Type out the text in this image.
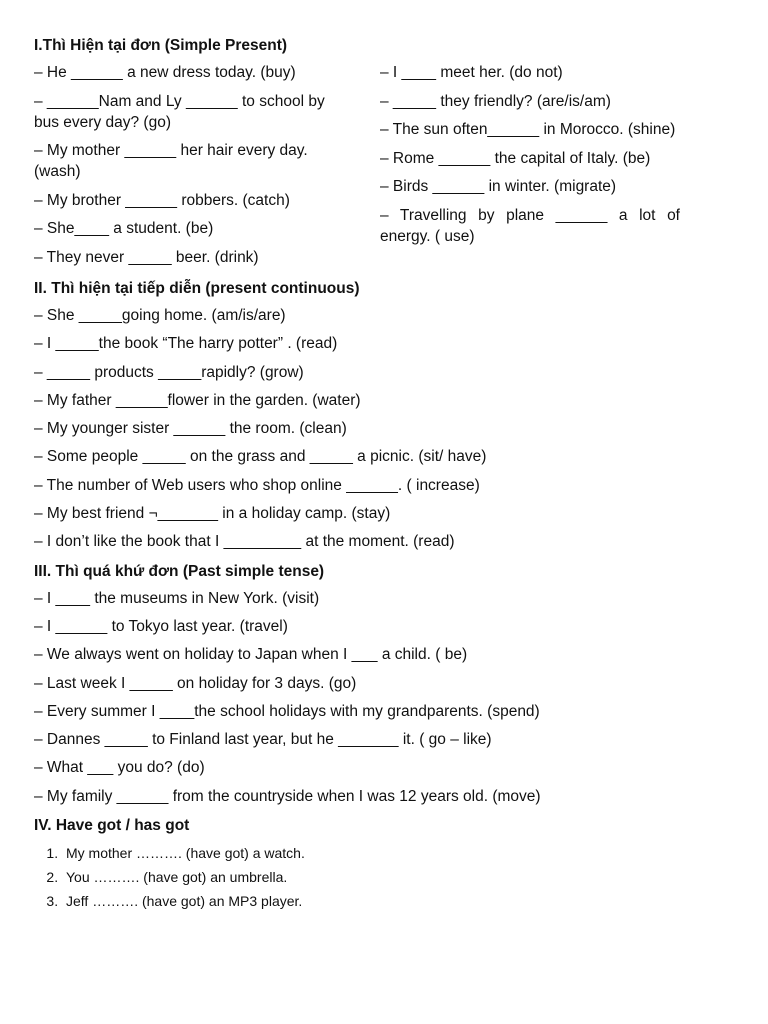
I.Thì Hiện tại đơn (Simple Present)
– He ______ a new dress today. (buy)
– ______Nam and Ly ______ to school by bus every day? (go)
– My mother ______ her hair every day. (wash)
– My brother ______ robbers. (catch)
– She____ a student. (be)
– They never _____ beer. (drink)
– I ____ meet her. (do not)
– _____ they friendly? (are/is/am)
– The sun often______ in Morocco. (shine)
– Rome ______ the capital of Italy. (be)
– Birds ______ in winter. (migrate)
– Travelling by plane ______ a lot of energy. ( use)
II. Thì hiện tại tiếp diễn (present continuous)
– She _____going home. (am/is/are)
– I _____the book “The harry potter” . (read)
– _____ products _____rapidly? (grow)
– My father ______flower in the garden. (water)
– My younger sister ______ the room. (clean)
– Some people _____ on the grass and _____ a picnic. (sit/ have)
– The number of Web users who shop online ______. ( increase)
– My best friend ¬_______ in a holiday camp. (stay)
– I don’t like the book that I _________ at the moment. (read)
III. Thì quá khứ đơn (Past simple tense)
– I ____ the museums in New York. (visit)
– I ______ to Tokyo last year. (travel)
– We always went on holiday to Japan when I ___ a child. ( be)
– Last week I _____ on holiday for 3 days. (go)
– Every summer I ____the school holidays with my grandparents. (spend)
– Dannes _____ to Finland last year, but he _______ it. ( go – like)
– What ___ you do? (do)
– My family ______ from the countryside when I was 12 years old. (move)
IV. Have got / has got
1. My mother ………. (have got) a watch.
2. You ………. (have got) an umbrella.
3. Jeff ………. (have got) an MP3 player.
